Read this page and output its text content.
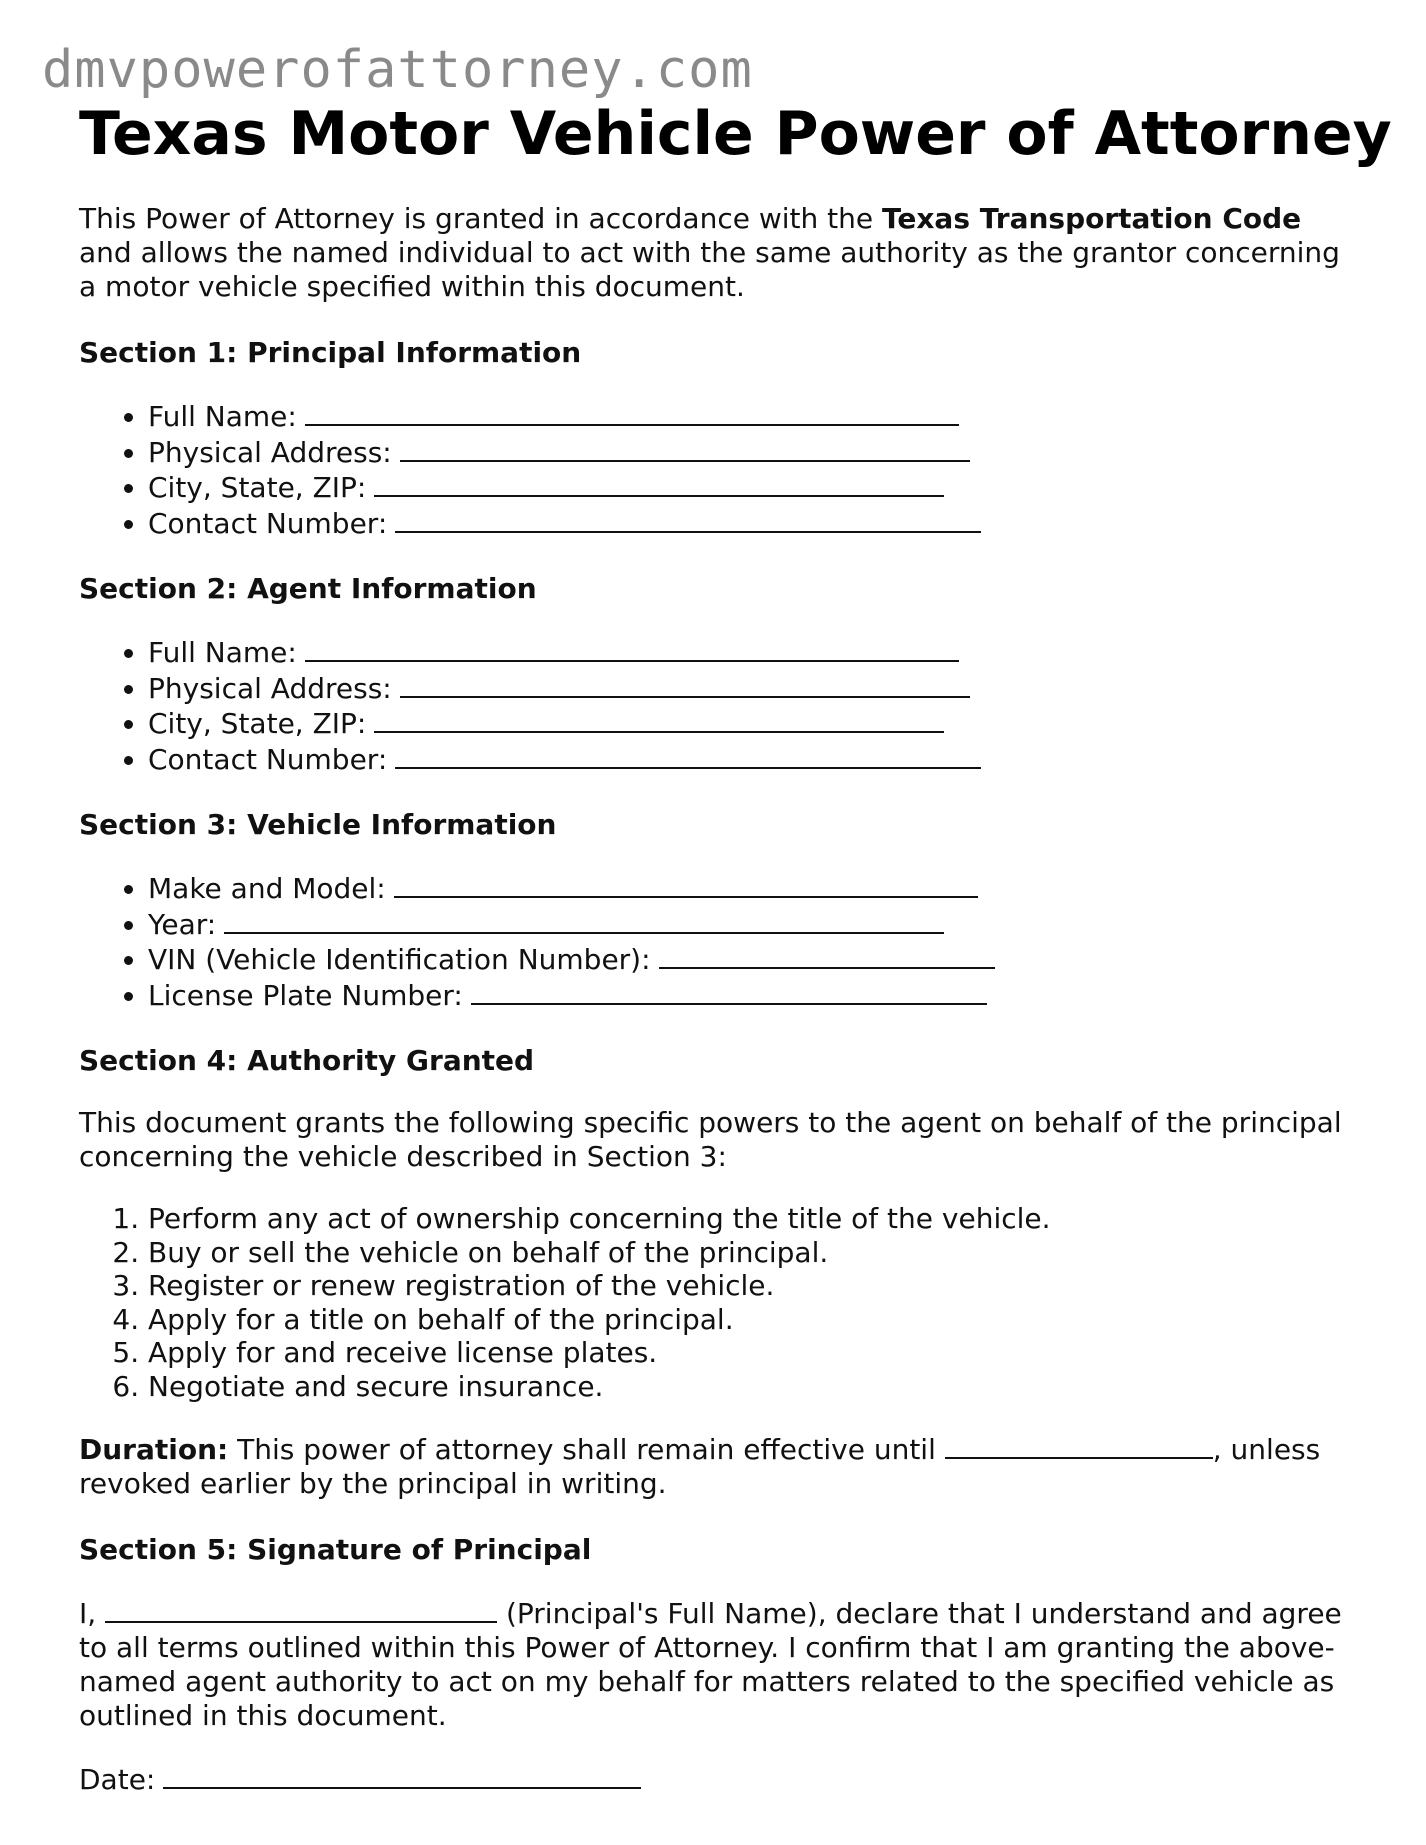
dmvpowerofattorney.com
Texas Motor Vehicle Power of Attorney

This Power of Attorney is granted in accordance with the Texas Transportation Code and allows the named individual to act with the same authority as the grantor concerning a motor vehicle specified within this document.

Section 1: Principal Information
• Full Name:
• Physical Address:
• City, State, ZIP:
• Contact Number:
Section 2: Agent Information
• Full Name:
• Physical Address:
• City, State, ZIP:
• Contact Number:
Section 3: Vehicle Information
• Make and Model:
• Year:
• VIN (Vehicle Identification Number):
• License Plate Number:
Section 4: Authority Granted

This document grants the following specific powers to the agent on behalf of the principal concerning the vehicle described in Section 3:

1. Perform any act of ownership concerning the title of the vehicle.
2. Buy or sell the vehicle on behalf of the principal.
3. Register or renew registration of the vehicle.
4. Apply for a title on behalf of the principal.
5. Apply for and receive license plates.
6. Negotiate and secure insurance.

Duration: This power of attorney shall remain effective until	, unless revoked earlier by the principal in writing.

Section 5: Signature of Principal

I,	(Principal's Full Name), declare that I understand and agree to all terms outlined within this Power of Attorney. I confirm that I am granting the above-named agent authority to act on my behalf for matters related to the specified vehicle as outlined in this document.

Date:
